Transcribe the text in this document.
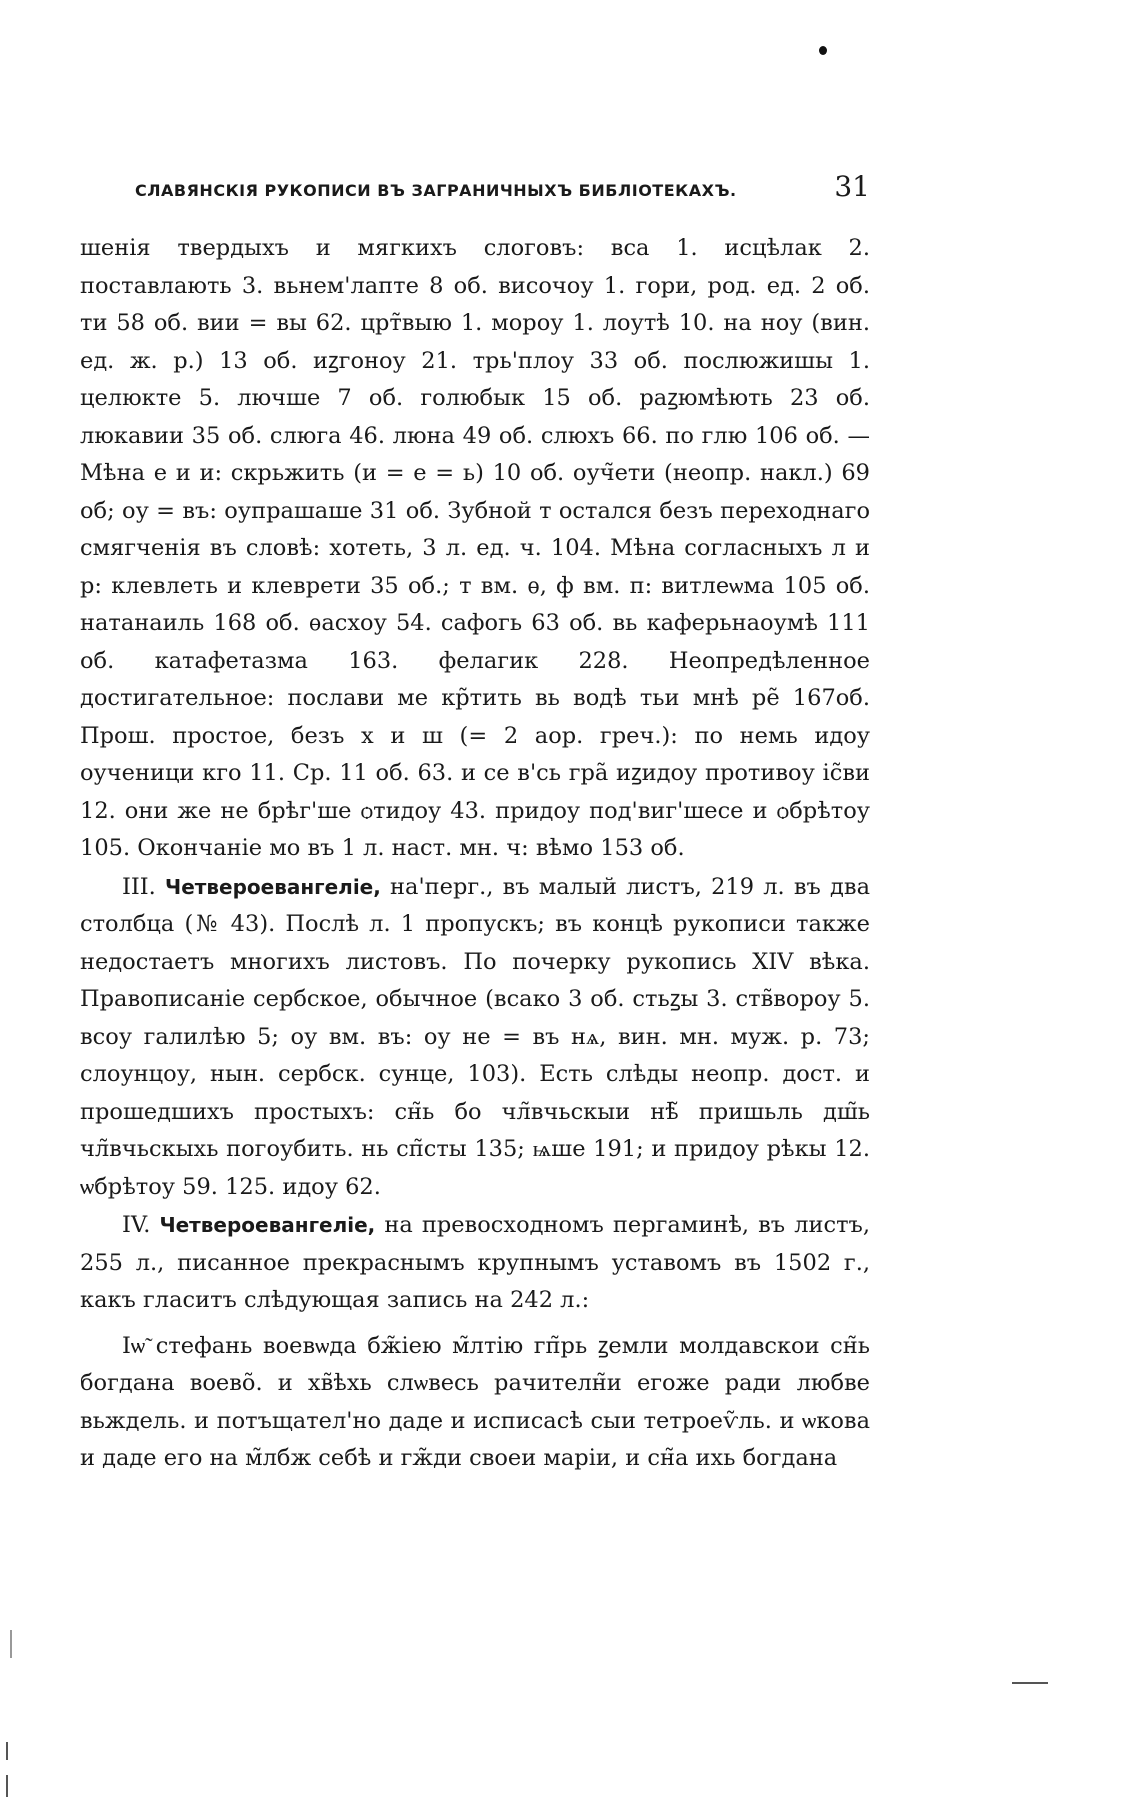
СЛАВЯНСКІЯ РУКОПИСИ ВЪ ЗАГРАНИЧНЫХЪ БИБЛІОТЕКАХЪ.	31

шенія твердыхъ и мягкихъ слоговъ: вса 1. исцѣлак 2. поставлають 3. вьнем'лапте 8 об. височоу 1. гори, род. ед. 2 об. ти 58 об. вии = вы 62. црт̃выю 1. мороу 1. лоутѣ 10. на ноу (вин. ед. ж. р.) 13 об. иꙁгоноу 21. трь'плоу 33 об. послюжишы 1. целюкте 5. лючше 7 об. голюбык 15 об. раꙁюмѣють 23 об. люкавии 35 об. слюга 46. люна 49 об. слюхъ 66. по глю 106 об. — Мѣна е и и: скрьжить (и = е = ь) 10 об. оуч̃ети (неопр. накл.) 69 об; оу = въ: оупрашаше 31 об. Зубной т остался безъ переходнаго смягченія въ словѣ: хотеть, 3 л. ед. ч. 104. Мѣна согласныхъ л и р: клевлеть и клеврети 35 об.; т вм. ѳ, ф вм. п: витлеѡма 105 об. натанаиль 168 об. ѳасхоу 54. сафогь 63 об. вь каферьнаоумѣ 111 об. катафетазма 163. фелагик 228. Неопредѣленное достигательное: послави ме кр̃тить вь водѣ тьи мнѣ ре̃ 167об. Прош. простое, безъ х и ш (= 2 аор. греч.): по немь идоу оученици кго 11. Ср. 11 об. 63. и се в'сь гра̃ иꙁидоу противоу іс̃ви 12. они же не брѣг'ше ѻтидоу 43. придоу под'виг'шесе и ѻбрѣтоу 105. Окончаніе мо въ 1 л. наст. мн. ч: вѣмо 153 об.

III. Четвероевангеліе, на'перг., въ малый листъ, 219 л. въ два столбца (№ 43). Послѣ л. 1 пропускъ; въ концѣ рукописи также недостаетъ многихъ листовъ. По почерку рукопись XIV вѣка. Правописаніе сербское, обычное (всако 3 об. стьꙁы 3. ств̃вороу 5. всоу галилѣю 5; оу вм. въ: оу не = въ нѧ, вин. мн. муж. р. 73; слоунцоу, нын. сербск. сунце, 103). Есть слѣды неопр. дост. и прошедшихъ простыхъ: сн̃ь бо чл̃вчьскыи нѣ̃ пришьль дш̃ь чл̃вчьскыхь погоубить. нь сп̃сты 135; ѩше 191; и придоу рѣкы 12. ѡбрѣтоу 59. 125. идоу 62.

IV. Четвероевангеліе, на превосходномъ пергаминѣ, въ листъ, 255 л., писанное прекраснымъ крупнымъ уставомъ въ 1502 г., какъ гласитъ слѣдующая запись на 242 л.:

Іѡ̃ стефань воевѡда бж̃іею м̃лтію гп̃рь ꙁемли молдавскои сн̃ь богдана воево̃. и хв̃ѣхь слѡвесь рачителн̃и егоже ради любве вьждель. и потъщател'но даде и исписасѣ сыи тетроеѵ̃ль. и ѡкова и даде его на м̃лбж себѣ и гж̃ди своеи маріи, и сн̃а ихь богдана
